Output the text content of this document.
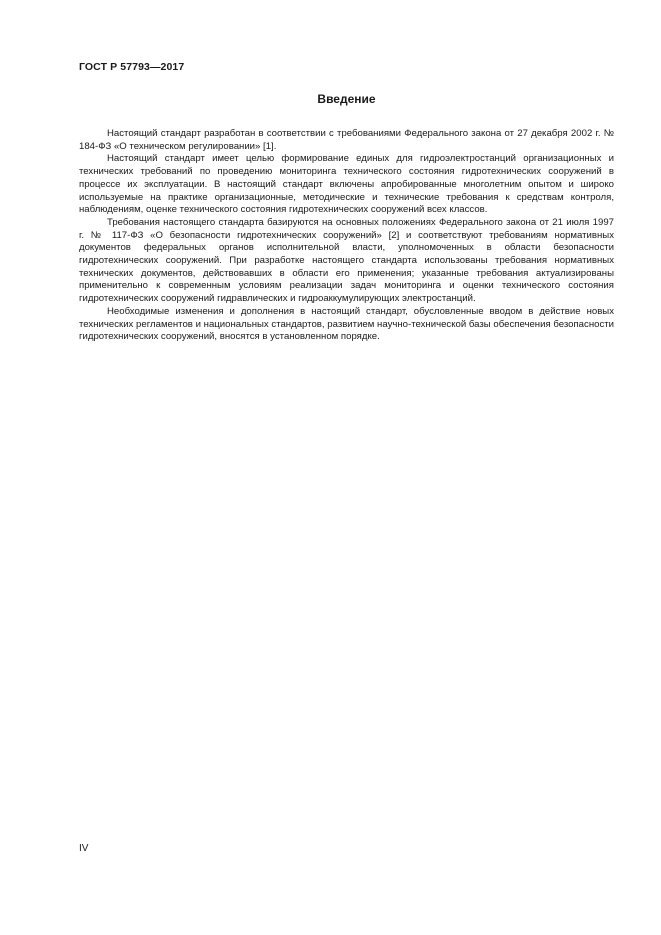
ГОСТ Р 57793—2017
Введение

Настоящий стандарт разработан в соответствии с требованиями Федерального закона от 27 декабря 2002 г. № 184-ФЗ «О техническом регулировании» [1].

Настоящий стандарт имеет целью формирование единых для гидроэлектростанций организационных и технических требований по проведению мониторинга технического состояния гидротехнических сооружений в процессе их эксплуатации. В настоящий стандарт включены апробированные многолетним опытом и широко используемые на практике организационные, методические и технические требования к средствам контроля, наблюдениям, оценке технического состояния гидротехнических сооружений всех классов.

Требования настоящего стандарта базируются на основных положениях Федерального закона от 21 июля 1997 г. № 117-ФЗ «О безопасности гидротехнических сооружений» [2] и соответствуют требованиям нормативных документов федеральных органов исполнительной власти, уполномоченных в области безопасности гидротехнических сооружений. При разработке настоящего стандарта использованы требования нормативных технических документов, действовавших в области его применения; указанные требования актуализированы применительно к современным условиям реализации задач мониторинга и оценки технического состояния гидротехнических сооружений гидравлических и гидроаккумулирующих электростанций.

Необходимые изменения и дополнения в настоящий стандарт, обусловленные вводом в действие новых технических регламентов и национальных стандартов, развитием научно-технической базы обеспечения безопасности гидротехнических сооружений, вносятся в установленном порядке.

IV
